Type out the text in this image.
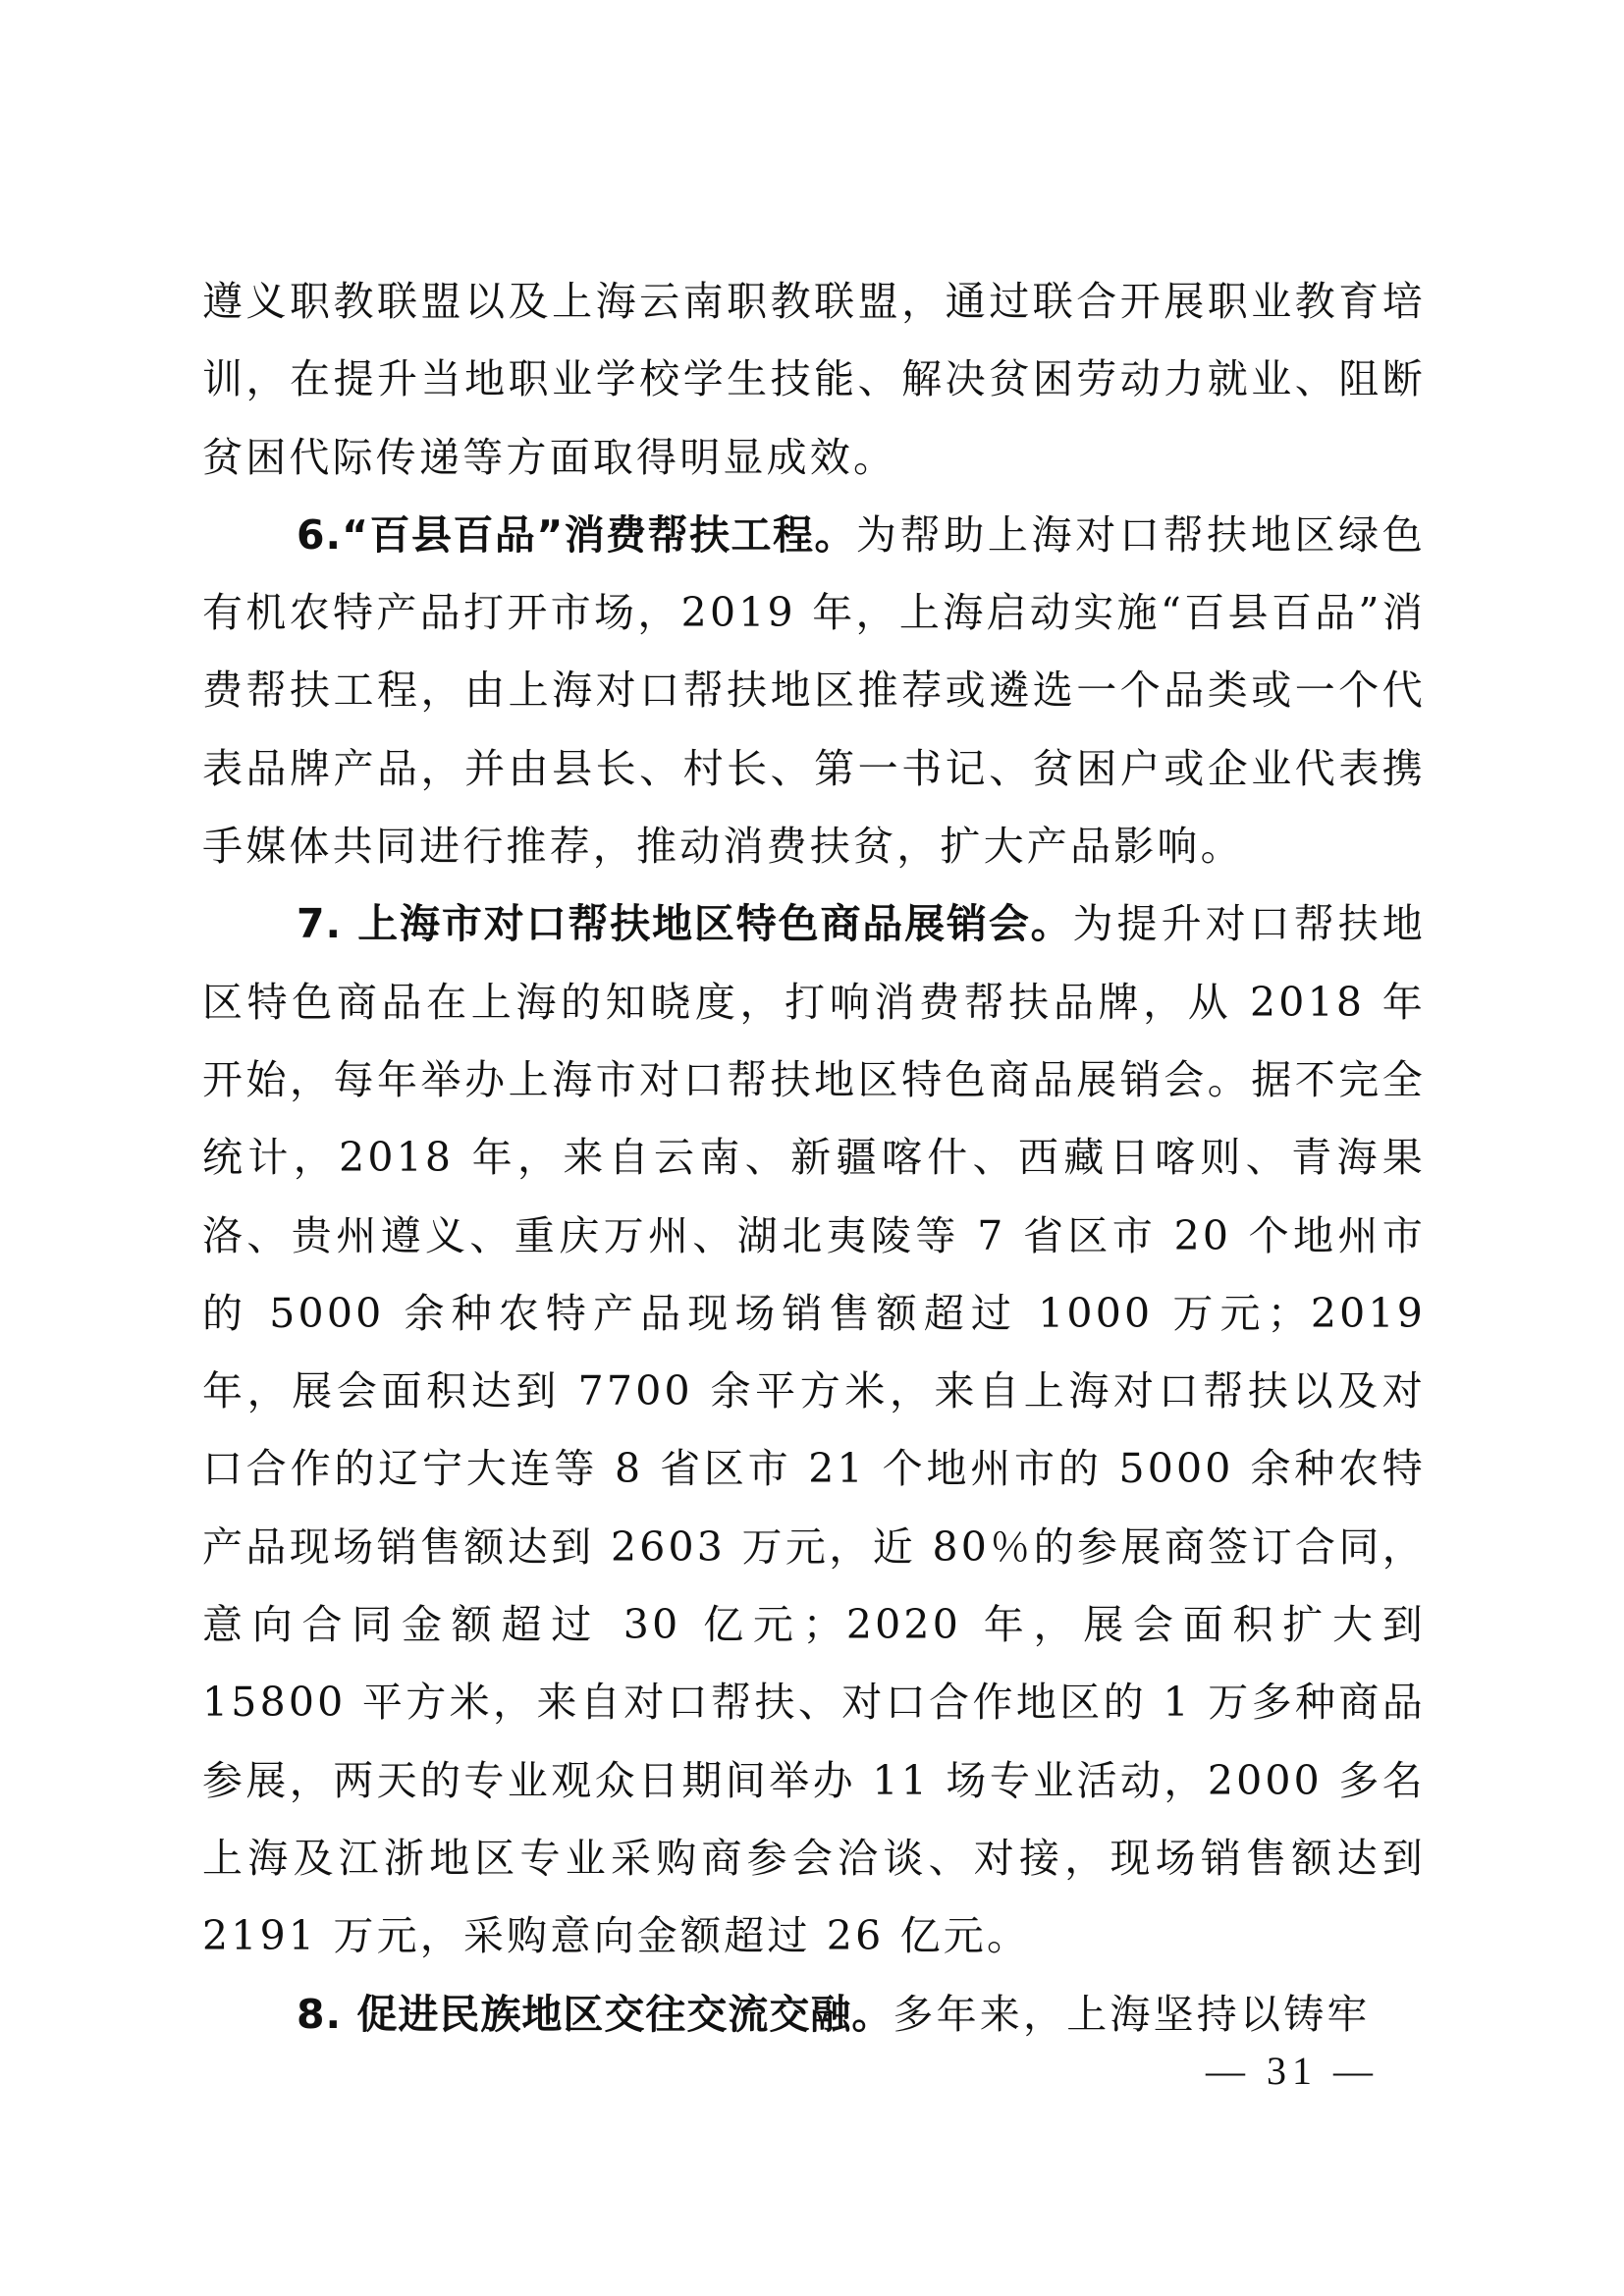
遵义职教联盟以及上海云南职教联盟，通过联合开展职业教育培训，在提升当地职业学校学生技能、解决贫困劳动力就业、阻断贫困代际传递等方面取得明显成效。

6.“百县百品”消费帮扶工程。为帮助上海对口帮扶地区绿色有机农特产品打开市场，2019 年，上海启动实施“百县百品”消费帮扶工程，由上海对口帮扶地区推荐或遴选一个品类或一个代表品牌产品，并由县长、村长、第一书记、贫困户或企业代表携手媒体共同进行推荐，推动消费扶贫，扩大产品影响。

7. 上海市对口帮扶地区特色商品展销会。为提升对口帮扶地区特色商品在上海的知晓度，打响消费帮扶品牌，从 2018 年开始，每年举办上海市对口帮扶地区特色商品展销会。据不完全统计，2018 年，来自云南、新疆喀什、西藏日喀则、青海果洛、贵州遵义、重庆万州、湖北夷陵等 7 省区市 20 个地州市的 5000 余种农特产品现场销售额超过 1000 万元；2019 年，展会面积达到 7700 余平方米，来自上海对口帮扶以及对口合作的辽宁大连等 8 省区市 21 个地州市的 5000 余种农特产品现场销售额达到 2603 万元，近 80％的参展商签订合同，意向合同金额超过 30 亿元；2020 年，展会面积扩大到 15800 平方米，来自对口帮扶、对口合作地区的 1 万多种商品参展，两天的专业观众日期间举办 11 场专业活动，2000 多名上海及江浙地区专业采购商参会洽谈、对接，现场销售额达到 2191 万元，采购意向金额超过 26 亿元。

8. 促进民族地区交往交流交融。多年来，上海坚持以铸牢

— 31 —
